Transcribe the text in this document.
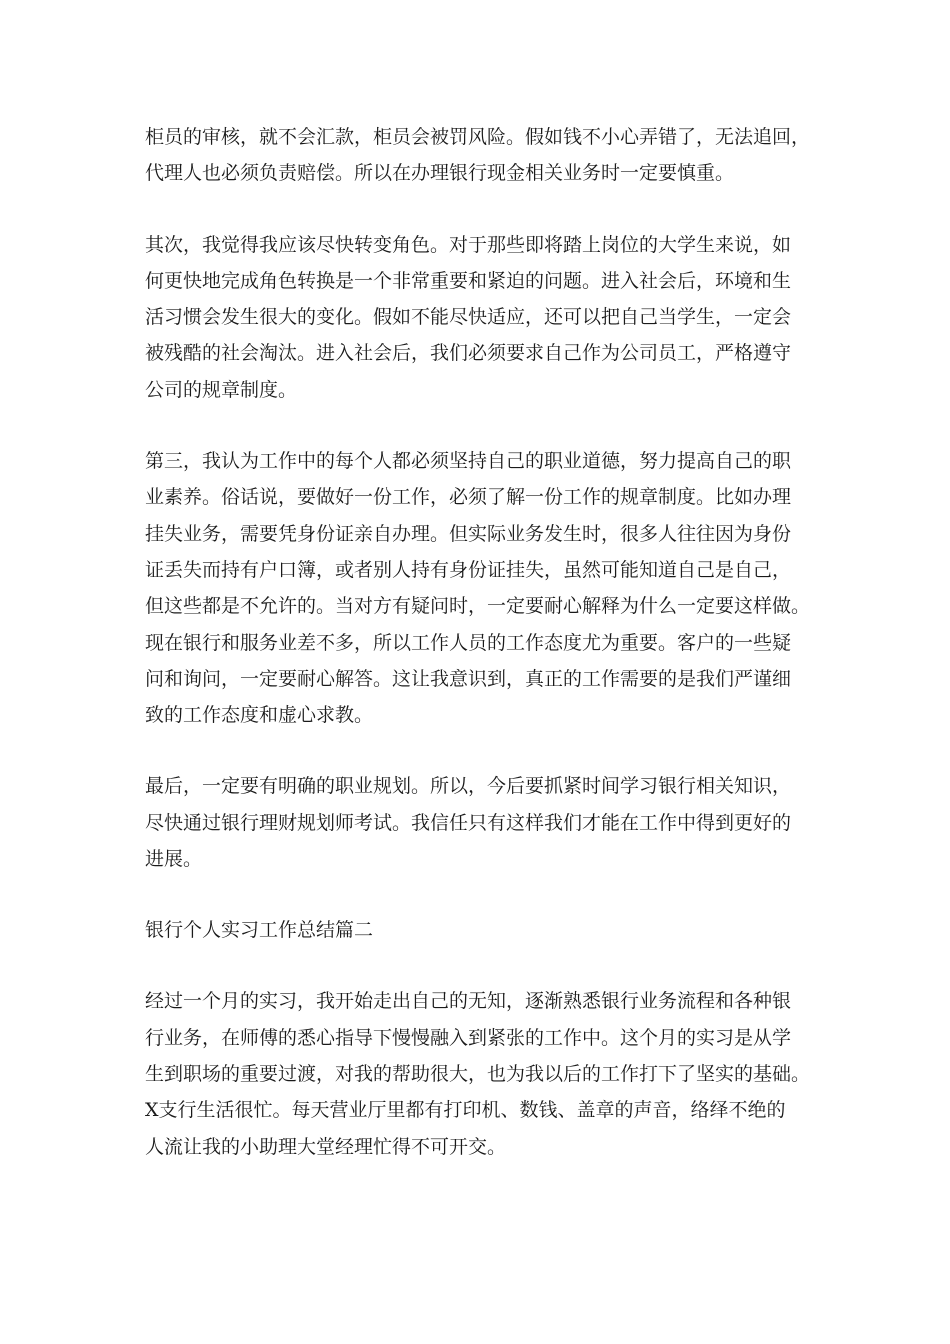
柜员的审核，就不会汇款，柜员会被罚风险。假如钱不小心弄错了，无法追回，
代理人也必须负责赔偿。所以在办理银行现金相关业务时一定要慎重。
其次，我觉得我应该尽快转变角色。对于那些即将踏上岗位的大学生来说，如
何更快地完成角色转换是一个非常重要和紧迫的问题。进入社会后，环境和生
活习惯会发生很大的变化。假如不能尽快适应，还可以把自己当学生，一定会
被残酷的社会淘汰。进入社会后，我们必须要求自己作为公司员工，严格遵守
公司的规章制度。
第三，我认为工作中的每个人都必须坚持自己的职业道德，努力提高自己的职
业素养。俗话说，要做好一份工作，必须了解一份工作的规章制度。比如办理
挂失业务，需要凭身份证亲自办理。但实际业务发生时，很多人往往因为身份
证丢失而持有户口簿，或者别人持有身份证挂失，虽然可能知道自己是自己，
但这些都是不允许的。当对方有疑问时，一定要耐心解释为什么一定要这样做。
现在银行和服务业差不多，所以工作人员的工作态度尤为重要。客户的一些疑
问和询问，一定要耐心解答。这让我意识到，真正的工作需要的是我们严谨细
致的工作态度和虚心求教。
最后，一定要有明确的职业规划。所以，今后要抓紧时间学习银行相关知识，
尽快通过银行理财规划师考试。我信任只有这样我们才能在工作中得到更好的
进展。
银行个人实习工作总结篇二
经过一个月的实习，我开始走出自己的无知，逐渐熟悉银行业务流程和各种银
行业务，在师傅的悉心指导下慢慢融入到紧张的工作中。这个月的实习是从学
生到职场的重要过渡，对我的帮助很大，也为我以后的工作打下了坚实的基础。
X支行生活很忙。每天营业厅里都有打印机、数钱、盖章的声音，络绎不绝的
人流让我的小助理大堂经理忙得不可开交。
